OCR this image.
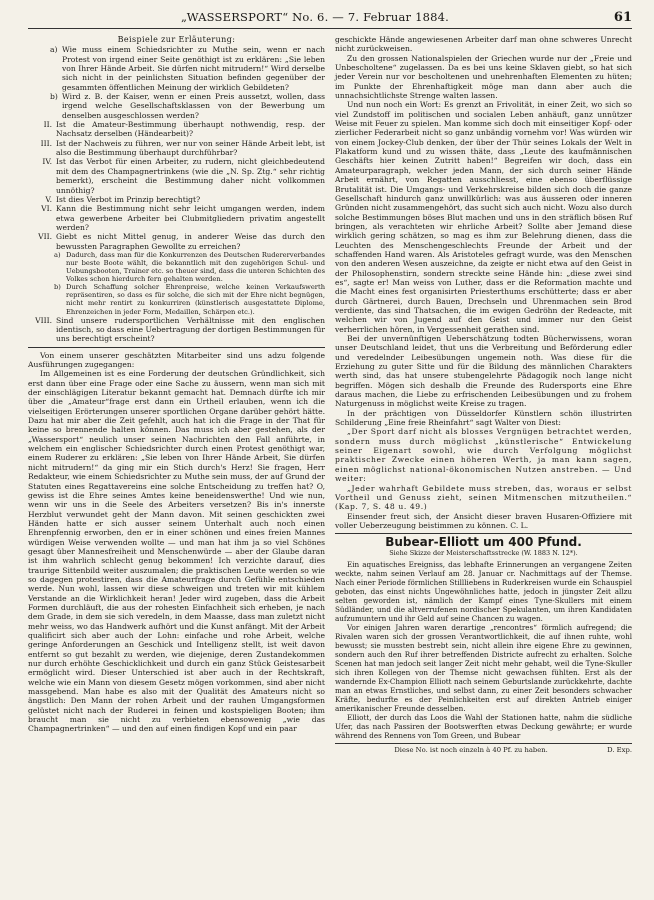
„WASSERSPORT“ No. 6. — 7. Februar 1884.	61
Beispiele zur Erläuterung:
a) Wie muss einem Schiedsrichter zu Muthe sein, wenn er nach Protest von irgend einer Seite genöthigt ist zu erklären: „Sie leben von Ihrer Hände Arbeit. Sie dürfen nicht mitrudern!“ Wird derselbe sich nicht in der peinlichsten Situation befinden gegenüber der gesammten öffentlichen Meinung der wirklich Gebildeten?
b) Wird z. B. der Kaiser, wenn er einen Preis aussetzt, wollen, dass irgend welche Gesellschaftsklassen von der Bewerbung um denselben ausgeschlossen werden?
II. Ist die Amateur-Bestimmung überhaupt nothwendig, resp. der Nachsatz derselben (Händearbeit)?
III. Ist der Nachweis zu führen, wer nur von seiner Hände Arbeit lebt, ist also die Bestimmung überhaupt durchführbar?
IV. Ist das Verbot für einen Arbeiter, zu rudern, nicht gleichbedeutend mit dem des Champagnertrinkens (wie die „N. Sp. Ztg.“ sehr richtig bemerkt), erscheint die Bestimmung daher nicht vollkommen unnöthig?
V. Ist dies Verbot im Prinzip berechtigt?
VI. Kann die Bestimmung nicht sehr leicht umgangen werden, indem etwa gewerbene Arbeiter bei Clubmitgliedern privatim angestellt werden?
VII. Giebt es nicht Mittel genug, in anderer Weise das durch den bewussten Paragraphen Gewollte zu erreichen?
a) Dadurch, dass man für die Konkurrenzen des Deutschen Rudererverbandes nur beste Boote wählt, die bekanntlich mit den zugehörigen Schul- und Uebungsbooten, Trainer etc. so theuer sind, dass die unteren Schichten des Volkes schon hierdurch fern gehalten werden.
b) Durch Schaffung solcher Ehrenpreise, welche keinen Verkaufswerth repräsentiren, so dass es für solche, die sich mit der Ehre nicht begnügen, nicht mehr rentirt zu konkurriren (künstlerisch ausgestattete Diplome, Ehrenzeichen in jeder Form, Medaillen, Schärpen etc.).
VIII. Sind unsere rudersportlichen Verhältnisse mit den englischen identisch, so dass eine Uebertragung der dortigen Bestimmungen für uns berechtigt erscheint?

Von einem unserer geschätzten Mitarbeiter sind uns adzu folgende Ausführungen zugegangen:

Im Allgemeinen ist es eine Forderung der deutschen Gründlichkeit, sich erst dann über eine Frage oder eine Sache zu äussern, wenn man sich mit der einschlägigen Literatur bekannt gemacht hat. Demnach dürfte ich mir über die „Amateur“frage erst dann ein Urtheil erlauben, wenn ich die vielseitigen Erörterungen unserer sportlichen Organe darüber gehört hätte. Dazu hat mir aber die Zeit gefehlt, auch hat ich die Frage in der That für keine so brennende halten können. Das muss ich aber gestehen, als der „Wassersport“ neulich unser seinen Nachrichten den Fall anführte, in welchem ein englischer Schiedsrichter durch einen Protest genöthigt war, einem Ruderer zu erklären: „Sie leben von Ihrer Hände Arbeit, Sie dürfen nicht mitrudern!“ da ging mir ein Stich durch's Herz! Sie fragen, Herr Redakteur, wie einem Schiedsrichter zu Muthe sein muss, der auf Grund der Statuten eines Regattavereins eine solche Entscheidung zu treffen hat? O, gewiss ist die Ehre seines Amtes keine beneidenswerthe! Und wie nun, wenn wir uns in die Seele des Arbeiters versetzen? Bis in's innerste Herzblut verwundet geht der Mann davon. Mit seinen geschickten zwei Händen hatte er sich ausser seinem Unterhalt auch noch einen Ehrenpfennig erworben, den er in einer schönen und eines freien Mannes würdigen Weise verwenden wollte — und man hat ihm ja so viel Schönes gesagt über Mannesfreiheit und Menschenwürde — aber der Glaube daran ist ihm wahrlich schlecht genug bekommen! Ich verzichte darauf, dies traurige Sittenbild weiter auszumalen; die praktischen Leute werden so wie so dagegen protestiren, dass die Amateurfrage durch Gefühle entschieden werde. Nun wohl, lassen wir diese schweigen und treten wir mit kühlem Verstande an die Wirklichkeit heran! Jeder wird zugeben, dass die Arbeit Formen durchläuft, die aus der rohesten Einfachheit sich erheben, je nach dem Grade, in dem sie sich veredeln, in dem Maasse, dass man zuletzt nicht mehr weiss, wo das Handwerk aufhört und die Kunst anfängt. Mit der Arbeit qualificirt sich aber auch der Lohn: einfache und rohe Arbeit, welche geringe Anforderungen an Geschick und Intelligenz stellt, ist weit davon entfernt so gut bezahlt zu werden, wie diejenige, deren Zustandekommen nur durch erhöhte Geschicklichkeit und durch ein ganz Stück Geistesarbeit ermöglicht wird. Dieser Unterschied ist aber auch in der Rechtskraft, welche wie ein Mann von diesem Gesetz mögen vorkommen, sind aber nicht massgebend. Man habe es also mit der Qualität des Amateurs nicht so ängstlich: Den Mann der rohen Arbeit und der rauhen Umgangsformen gelüstet nicht nach der Ruderei in feinen und kostspieligen Booten; ihm braucht man sie nicht zu verbieten ebensowenig „wie das Champagnertrinken“ — und den auf einen findigen Kopf und ein paar

geschickte Hände angewiesenen Arbeiter darf man ohne schweres Unrecht nicht zurückweisen.

Zu den grossen Nationalspielen der Griechen wurde nur der „Freie und Unbescholtene“ zugelassen. Da es bei uns keine Sklaven giebt, so hat sich jeder Verein nur vor bescholtenen und unehrenhaften Elementen zu hüten; im Punkte der Ehrenhaftigkeit möge man dann aber auch die unnachsichtlichste Strenge walten lassen.

Und nun noch ein Wort: Es grenzt an Frivolität, in einer Zeit, wo sich so viel Zundstoff im politischen und socialen Leben anhäuft, ganz unnützer Weise mit Feuer zu spielen. Man komme sich doch mit einseitiger Kopf- oder zierlicher Federarbeit nicht so ganz unbändig vornehm vor! Was würden wir von einem Jockey-Club denken, der über der Thür seines Lokals der Welt in Plakatform kund und zu wissen thäte, dass „Leute des kaufmännischen Geschäfts hier keinen Zutritt haben!“ Begreifen wir doch, dass ein Amateurparagraph, welcher jeden Mann, der sich durch seiner Hände Arbeit ernährt, von Regatten ausschliesst, eine ebenso überflüssige Brutalität ist. Die Umgangs- und Verkehrskreise bilden sich doch die ganze Gesellschaft hindurch ganz unwillkürlich: was aus äusseren oder inneren Gründen nicht zusammengehört, das sucht sich auch nicht. Wozu also durch solche Bestimmungen böses Blut machen und uns in den sträflich bösen Ruf bringen, als verachteten wir ehrliche Arbeit? Sollte aber Jemand diese wirklich gering schätzen, so mag es ihm zur Belehrung dienen, dass die Leuchten des Menschengeschlechts Freunde der Arbeit und der schaffenden Hand waren. Als Aristoteles gefragt wurde, was den Menschen von den anderen Wesen auszeichne, da zeigte er nicht etwa auf den Geist in der Philosophenstirn, sondern streckte seine Hände hin: „diese zwei sind es“, sagte er! Man weiss von Luther, dass er die Reformation machte und die Macht eines fest organisirten Priesterthums erschütterte; dass er aber durch Gärtnerei, durch Bauen, Drechseln und Uhrenmachen sein Brod verdiente, das sind Thatsachen, die im ewigen Gedröhn der Redeacte, mit welchen wir von Jugend auf den Geist und immer nur den Geist verherrlichen hören, in Vergessenheit gerathen sind.

Bei der unvernünftigen Ueberschätzung todten Bücherwissens, woran unser Deutschland leidet, thut uns die Verbreitung und Beförderung edler und veredelnder Leibesübungen ungemein noth. Was diese für die Erziehung zu guter Sitte und für die Bildung des männlichen Charakters werth sind, das hat unsere stubengelehrte Pädagogik noch lange nicht begriffen. Mögen sich deshalb die Freunde des Rudersports eine Ehre daraus machen, die Liebe zu erfrischenden Leibesübungen und zu frohem Naturgenuss in möglichst weite Kreise zu tragen.

In der prächtigen von Düsseldorfer Künstlern schön illustrirten Schilderung „Eine freie Rheinfahrt“ sagt Walter von Diest:

„Der Sport darf nicht als blosses Vergnügen betrachtet werden, sondern muss durch möglichst „künstlerische“ Entwickelung seiner Eigenart sowohl, wie durch Verfolgung möglichst praktischer Zwecke einen höheren Werth, ja man kann sagen, einen möglichst national-ökonomischen Nutzen anstreben. — Und weiter:

„Jeder wahrhaft Gebildete muss streben, das, woraus er selbst Vortheil und Genuss zieht, seinen Mitmenschen mitzutheilen.“ (Kap. 7, S. 48 u. 49.)

Einsender freut sich, der Ansicht dieser braven Husaren-Offiziere mit voller Ueberzeugung beistimmen zu können. C. L.

Bubear-Elliott um 400 Pfund.
Siehe Skizze der Meisterschaftsstrecke (W. 1883 N. 12*).

Ein aquatisches Ereigniss, das lebhafte Erinnerungen an vergangene Zeiten weckte, nahm seinen Verlauf am 28. Januar cr. Nachmittags auf der Themse. Nach einer Periode förmlichen Stillliebens in Ruderkreisen wurde ein Schauspiel geboten, das einst nichts Ungewöhnliches hatte, jedoch in jüngster Zeit allzu selten geworden ist, nämlich der Kampf eines Tyne-Skullers mit einem Südländer, und die altverrufenen nordischer Spekulanten, um ihren Kandidaten aufzumuntern und ihr Geld auf seine Chancen zu wagen.

Vor einigen Jahren waren derartige „rencontres“ förmlich aufregend; die Rivalen waren sich der grossen Verantwortlichkeit, die auf ihnen ruhte, wohl bewusst; sie mussten bestrebt sein, nicht allein ihre eigene Ehre zu gewinnen, sondern auch den Ruf ihrer betreffenden Districte aufrecht zu erhalten. Solche Scenen hat man jedoch seit langer Zeit nicht mehr gehabt, weil die Tyne-Skuller sich ihren Kollegen von der Themse nicht gewachsen fühlten. Erst als der wandernde Ex-Champion Elliott nach seinem Geburtslande zurückkehrte, dachte man an etwas Ernstliches, und selbst dann, zu einer Zeit besonders schwacher Kräfte, bedurfte es der Peinlichkeiten erst auf direkten Antrieb einiger amerikanischer Freunde desselben.

Elliott, der durch das Loos die Wahl der Stationen hatte, nahm die südliche Ufer, das nach Passiren der Bootswerften etwas Deckung gewährte; er wurde während des Rennens von Tom Green, und Bubear

Diese No. ist noch einzeln à 40 Pf. zu haben.	D. Exp.
